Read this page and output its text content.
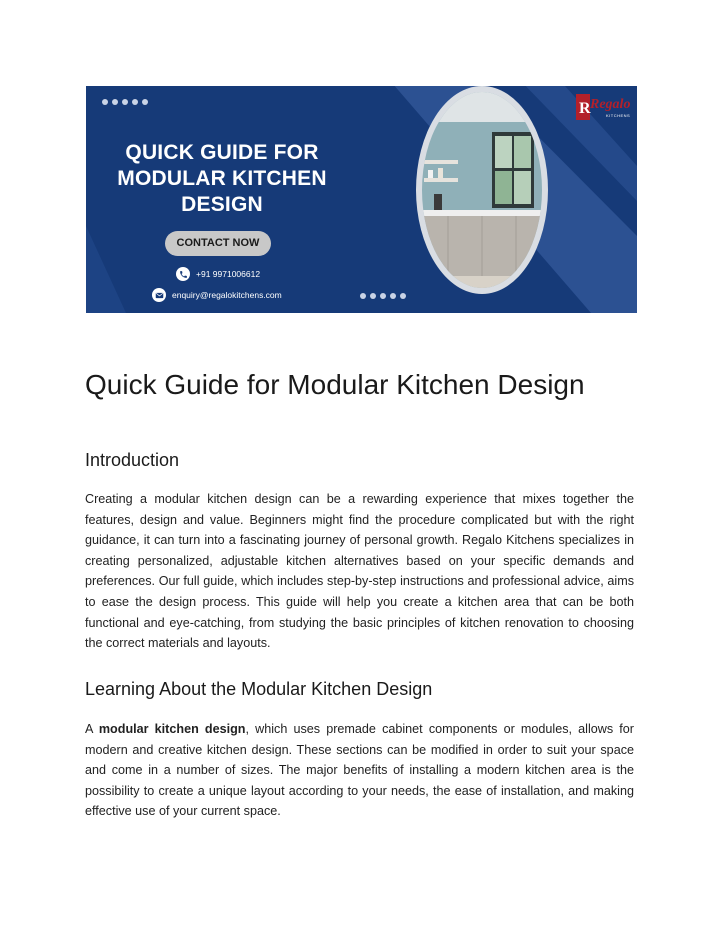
QUICK GUIDE FOR
MODULAR KITCHEN
DESIGN
CONTACT NOW
+91 9971006612
enquiry@regalokitchens.com
R Regalo
KITCHENS
Quick Guide for Modular Kitchen Design
Introduction

Creating a modular kitchen design can be a rewarding experience that mixes together the features, design and value. Beginners might find the procedure complicated but with the right guidance, it can turn into a fascinating journey of personal growth. Regalo Kitchens specializes in creating personalized, adjustable kitchen alternatives based on your specific demands and preferences. Our full guide, which includes step-by-step instructions and professional advice, aims to ease the design process. This guide will help you create a kitchen area that can be both functional and eye-catching, from studying the basic principles of kitchen renovation to choosing the correct materials and layouts.

Learning About the Modular Kitchen Design

A modular kitchen design, which uses premade cabinet components or modules, allows for modern and creative kitchen design. These sections can be modified in order to suit your space and come in a number of sizes. The major benefits of installing a modern kitchen area is the possibility to create a unique layout according to your needs, the ease of installation, and making effective use of your current space.
